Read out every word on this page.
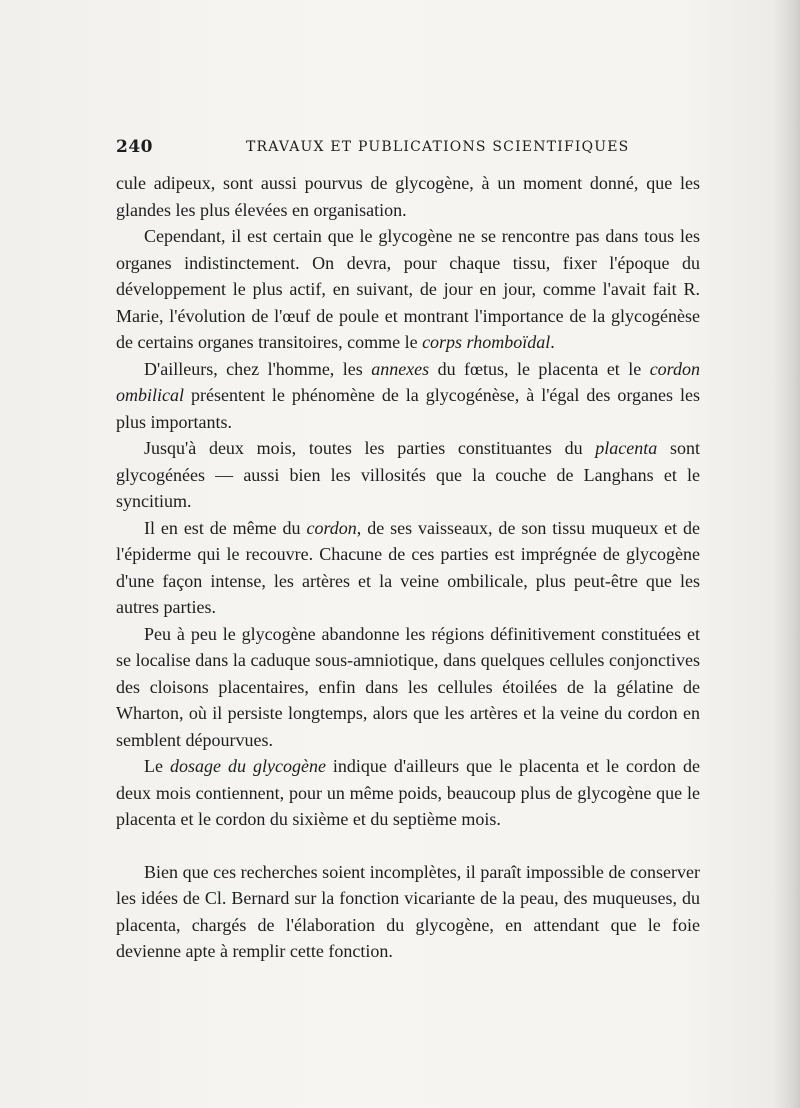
240	TRAVAUX ET PUBLICATIONS SCIENTIFIQUES

cule adipeux, sont aussi pourvus de glycogène, à un moment donné, que les glandes les plus élevées en organisation.

Cependant, il est certain que le glycogène ne se rencontre pas dans tous les organes indistinctement. On devra, pour chaque tissu, fixer l'époque du développement le plus actif, en suivant, de jour en jour, comme l'avait fait R. Marie, l'évolution de l'œuf de poule et montrant l'importance de la glycogénèse de certains organes transitoires, comme le corps rhomboïdal.

D'ailleurs, chez l'homme, les annexes du fœtus, le placenta et le cordon ombilical présentent le phénomène de la glycogénèse, à l'égal des organes les plus importants.

Jusqu'à deux mois, toutes les parties constituantes du placenta sont glycogénées — aussi bien les villosités que la couche de Langhans et le syncitium.

Il en est de même du cordon, de ses vaisseaux, de son tissu muqueux et de l'épiderme qui le recouvre. Chacune de ces parties est imprégnée de glycogène d'une façon intense, les artères et la veine ombilicale, plus peut-être que les autres parties.

Peu à peu le glycogène abandonne les régions définitivement constituées et se localise dans la caduque sous-amniotique, dans quelques cellules conjonctives des cloisons placentaires, enfin dans les cellules étoilées de la gélatine de Wharton, où il persiste longtemps, alors que les artères et la veine du cordon en semblent dépourvues.

Le dosage du glycogène indique d'ailleurs que le placenta et le cordon de deux mois contiennent, pour un même poids, beaucoup plus de glycogène que le placenta et le cordon du sixième et du septième mois.

Bien que ces recherches soient incomplètes, il paraît impossible de conserver les idées de Cl. Bernard sur la fonction vicariante de la peau, des muqueuses, du placenta, chargés de l'élaboration du glycogène, en attendant que le foie devienne apte à remplir cette fonction.
